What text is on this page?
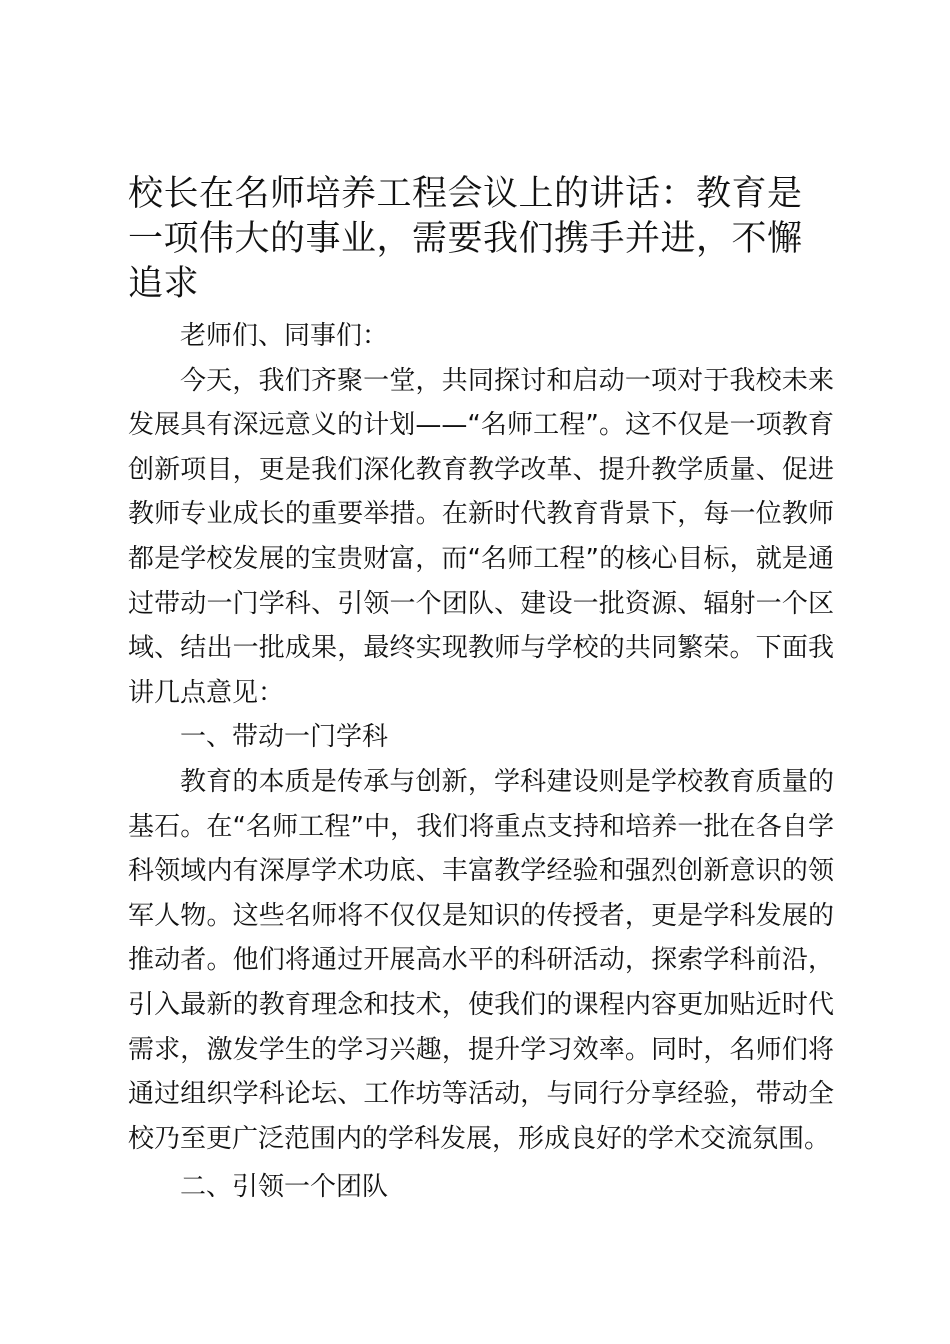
校长在名师培养工程会议上的讲话：教育是一项伟大的事业，需要我们携手并进，不懈追求

老师们、同事们：

今天，我们齐聚一堂，共同探讨和启动一项对于我校未来发展具有深远意义的计划——“名师工程”。这不仅是一项教育创新项目，更是我们深化教育教学改革、提升教学质量、促进教师专业成长的重要举措。在新时代教育背景下，每一位教师都是学校发展的宝贵财富，而“名师工程”的核心目标，就是通过带动一门学科、引领一个团队、建设一批资源、辐射一个区域、结出一批成果，最终实现教师与学校的共同繁荣。下面我讲几点意见：

一、带动一门学科

教育的本质是传承与创新，学科建设则是学校教育质量的基石。在“名师工程”中，我们将重点支持和培养一批在各自学科领域内有深厚学术功底、丰富教学经验和强烈创新意识的领军人物。这些名师将不仅仅是知识的传授者，更是学科发展的推动者。他们将通过开展高水平的科研活动，探索学科前沿，引入最新的教育理念和技术，使我们的课程内容更加贴近时代需求，激发学生的学习兴趣，提升学习效率。同时，名师们将通过组织学科论坛、工作坊等活动，与同行分享经验，带动全校乃至更广泛范围内的学科发展，形成良好的学术交流氛围。

二、引领一个团队
